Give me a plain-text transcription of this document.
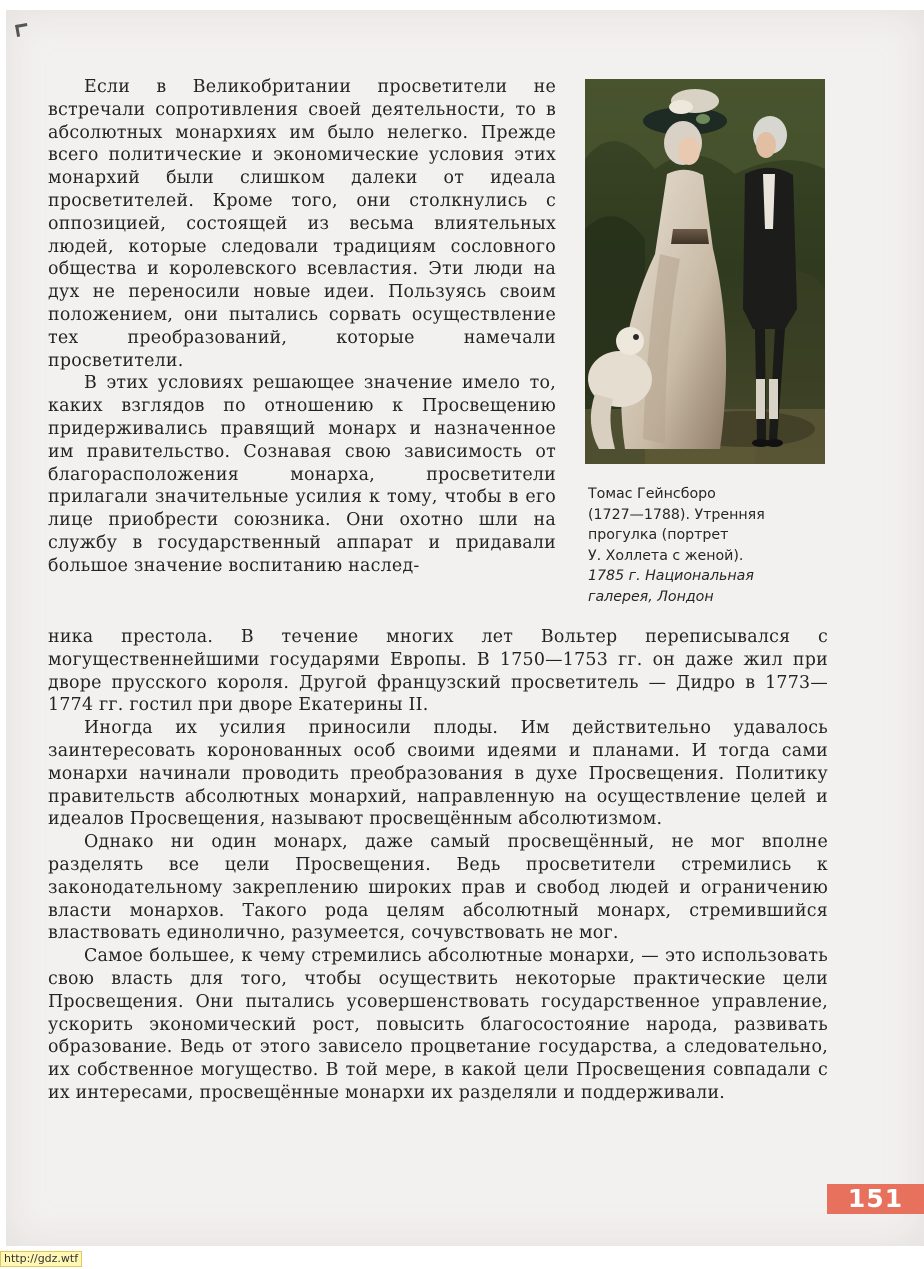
Если в Великобритании просветители не встречали сопротивления своей деятельности, то в абсолютных монархиях им было нелегко. Прежде всего политические и экономические условия этих монархий были слишком далеки от идеала просветителей. Кроме того, они столкнулись с оппозицией, состоящей из весьма влиятельных людей, которые следовали традициям сословного общества и королевского всевластия. Эти люди на дух не переносили новые идеи. Пользуясь своим положением, они пытались сорвать осуществление тех преобразований, которые намечали просветители.

В этих условиях решающее значение имело то, каких взглядов по отношению к Просвещению придерживались правящий монарх и назначенное им правительство. Сознавая свою зависимость от благорасположения монарха, просветители прилагали значительные усилия к тому, чтобы в его лице приобрести союзника. Они охотно шли на службу в государственный аппарат и придавали большое значение воспитанию наслед-

Томас Гейнсборо
(1727—1788). Утренняя
прогулка (портрет
У. Холлета с женой).
1785 г. Национальная
галерея, Лондон

ника престола. В течение многих лет Вольтер переписывался с могущественнейшими государями Европы. В 1750—1753 гг. он даже жил при дворе прусского короля. Другой французский просветитель — Дидро в 1773—1774 гг. гостил при дворе Екатерины II.

Иногда их усилия приносили плоды. Им действительно удавалось заинтересовать коронованных особ своими идеями и планами. И тогда сами монархи начинали проводить преобразования в духе Просвещения. Политику правительств абсолютных монархий, направленную на осуществление целей и идеалов Просвещения, называют просвещённым абсолютизмом.

Однако ни один монарх, даже самый просвещённый, не мог вполне разделять все цели Просвещения. Ведь просветители стремились к законодательному закреплению широких прав и свобод людей и ограничению власти монархов. Такого рода целям абсолютный монарх, стремившийся властвовать единолично, разумеется, сочувствовать не мог.

Самое большее, к чему стремились абсолютные монархи, — это использовать свою власть для того, чтобы осуществить некоторые практические цели Просвещения. Они пытались усовершенствовать государственное управление, ускорить экономический рост, повысить благосостояние народа, развивать образование. Ведь от этого зависело процветание государства, а следовательно, их собственное могущество. В той мере, в какой цели Просвещения совпадали с их интересами, просвещённые монархи их разделяли и поддерживали.

151
http://gdz.wtf
